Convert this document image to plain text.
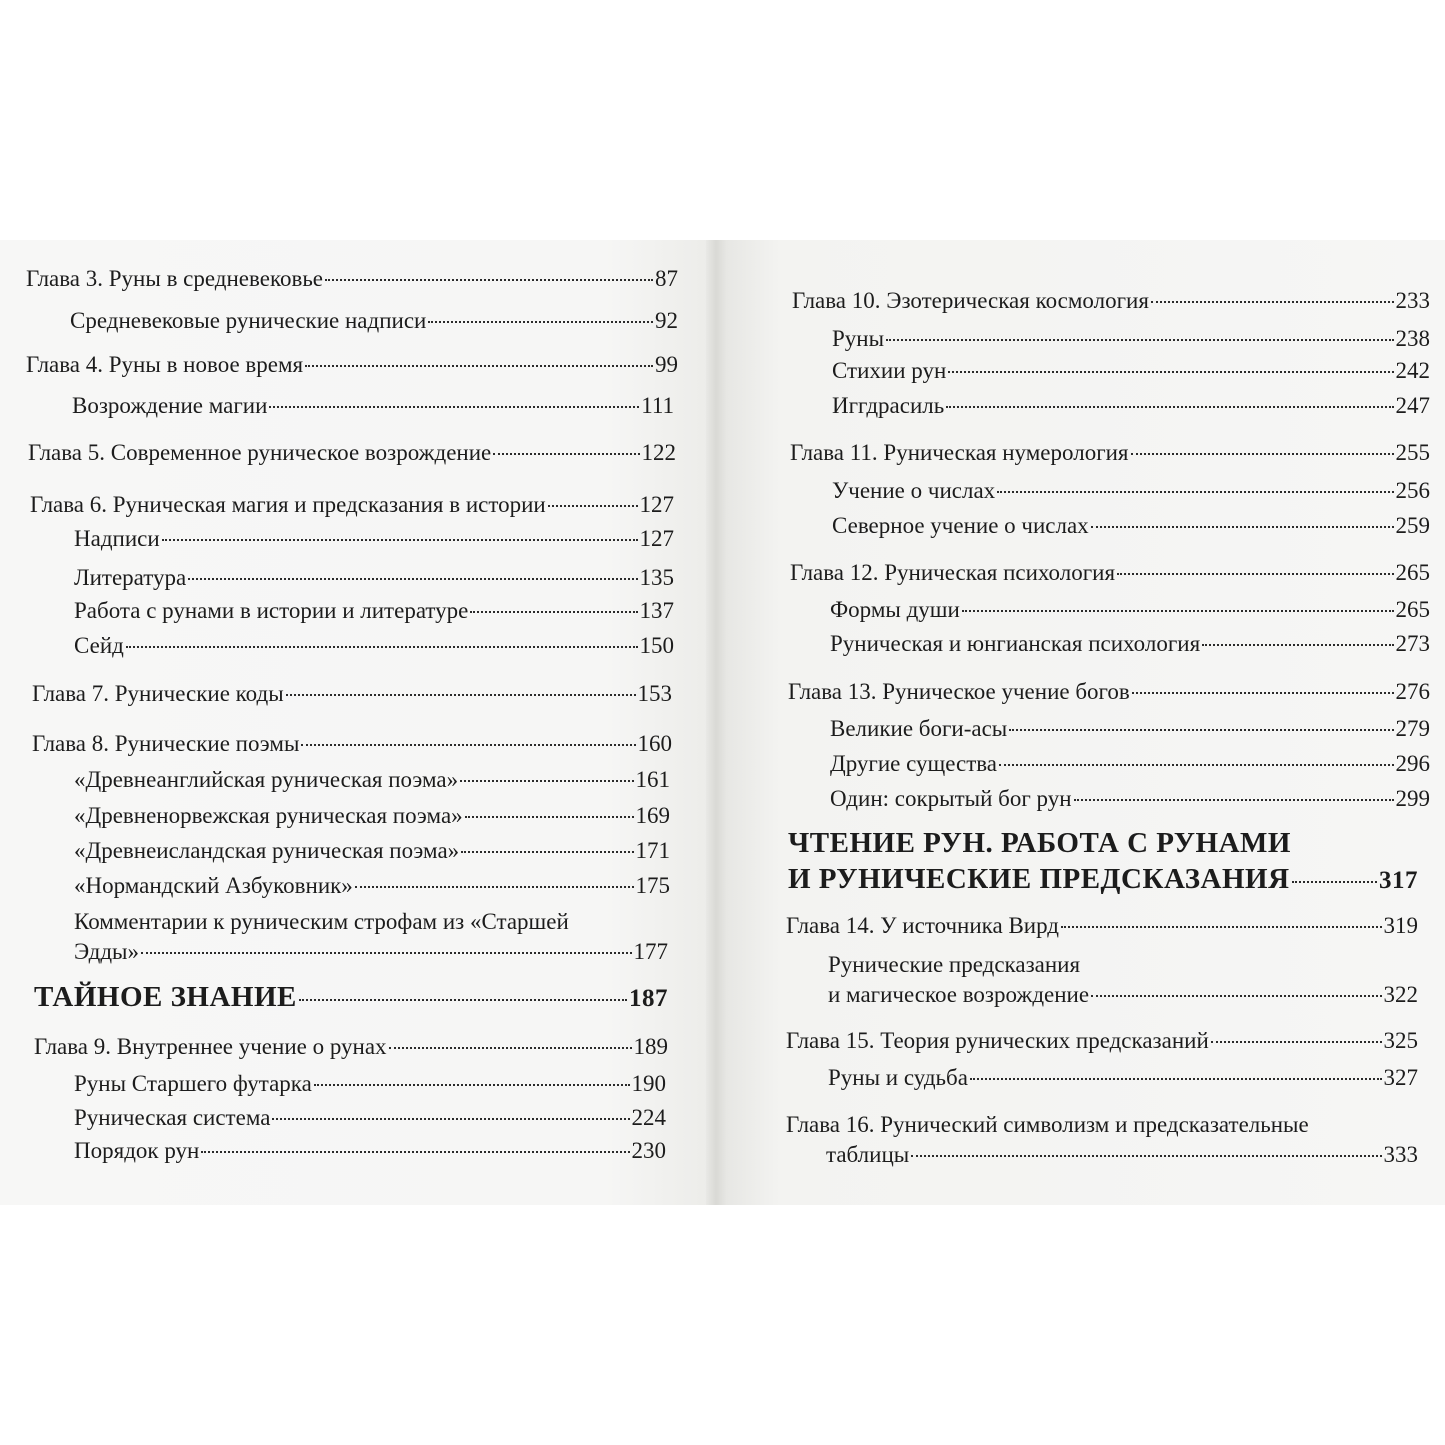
Глава 3. Руны в средневековье	87
Средневековые рунические надписи	92
Глава 4. Руны в новое время	99
Возрождение магии	111
Глава 5. Современное руническое возрождение	122
Глава 6. Руническая магия и предсказания в истории	127
Надписи	127
Литература	135
Работа с рунами в истории и литературе	137
Сейд	150
Глава 7. Рунические коды	153
Глава 8. Рунические поэмы	160
«Древнеанглийская руническая поэма»	161
«Древненорвежская руническая поэма»	169
«Древнеисландская руническая поэма»	171
«Нормандский Азбуковник»	175
Комментарии к руническим строфам из «Старшей
Эдды»	177
ТАЙНОЕ ЗНАНИЕ	187
Глава 9. Внутреннее учение о рунах	189
Руны Старшего футарка	190
Руническая система	224
Порядок рун	230
Глава 10. Эзотерическая космология	233
Руны	238
Стихии рун	242
Иггдрасиль	247
Глава 11. Руническая нумерология	255
Учение о числах	256
Северное учение о числах	259
Глава 12. Руническая психология	265
Формы души	265
Руническая и юнгианская психология	273
Глава 13. Руническое учение богов	276
Великие боги-асы	279
Другие существа	296
Один: сокрытый бог рун	299
ЧТЕНИЕ РУН. РАБОТА С РУНАМИ
И РУНИЧЕСКИЕ ПРЕДСКАЗАНИЯ	317
Глава 14. У источника Вирд	319
Рунические предсказания
и магическое возрождение	322
Глава 15. Теория рунических предсказаний	325
Руны и судьба	327
Глава 16. Рунический символизм и предсказательные
таблицы	333
